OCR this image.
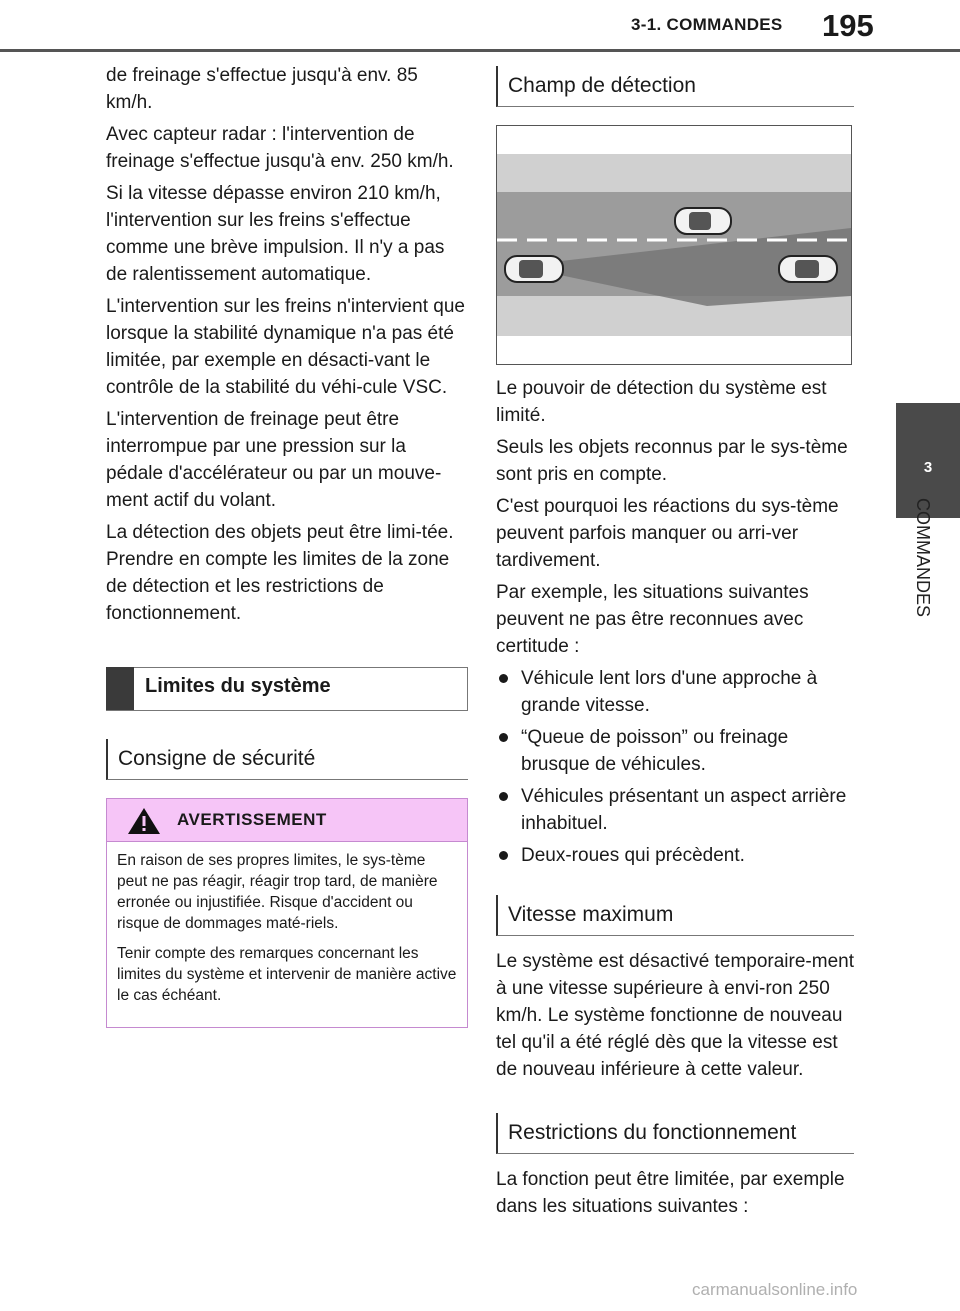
3-1. COMMANDES 195
3
COMMANDES

de freinage s'effectue jusqu'à env. 85 km/h.

Avec capteur radar : l'intervention de freinage s'effectue jusqu'à env. 250 km/h.

Si la vitesse dépasse environ 210 km/h, l'intervention sur les freins s'effectue comme une brève impulsion. Il n'y a pas de ralentissement automatique.

L'intervention sur les freins n'intervient que lorsque la stabilité dynamique n'a pas été limitée, par exemple en désacti-vant le contrôle de la stabilité du véhi-cule VSC.

L'intervention de freinage peut être interrompue par une pression sur la pédale d'accélérateur ou par un mouve-ment actif du volant.

La détection des objets peut être limi-tée. Prendre en compte les limites de la zone de détection et les restrictions de fonctionnement.

Limites du système
Consigne de sécurité
AVERTISSEMENT

En raison de ses propres limites, le sys-tème peut ne pas réagir, réagir trop tard, de manière erronée ou injustifiée. Risque d'accident ou risque de dommages maté-riels.

Tenir compte des remarques concernant les limites du système et intervenir de manière active le cas échéant.

Champ de détection

Le pouvoir de détection du système est limité.

Seuls les objets reconnus par le sys-tème sont pris en compte.

C'est pourquoi les réactions du sys-tème peuvent parfois manquer ou arri-ver tardivement.

Par exemple, les situations suivantes peuvent ne pas être reconnues avec certitude :

Véhicule lent lors d'une approche à grande vitesse.
“Queue de poisson” ou freinage brusque de véhicules.
Véhicules présentant un aspect arrière inhabituel.
Deux-roues qui précèdent.
Vitesse maximum

Le système est désactivé temporaire-ment à une vitesse supérieure à envi-ron 250 km/h. Le système fonctionne de nouveau tel qu'il a été réglé dès que la vitesse est de nouveau inférieure à cette valeur.

Restrictions du fonctionnement

La fonction peut être limitée, par exemple dans les situations suivantes :

carmanualsonline.info
